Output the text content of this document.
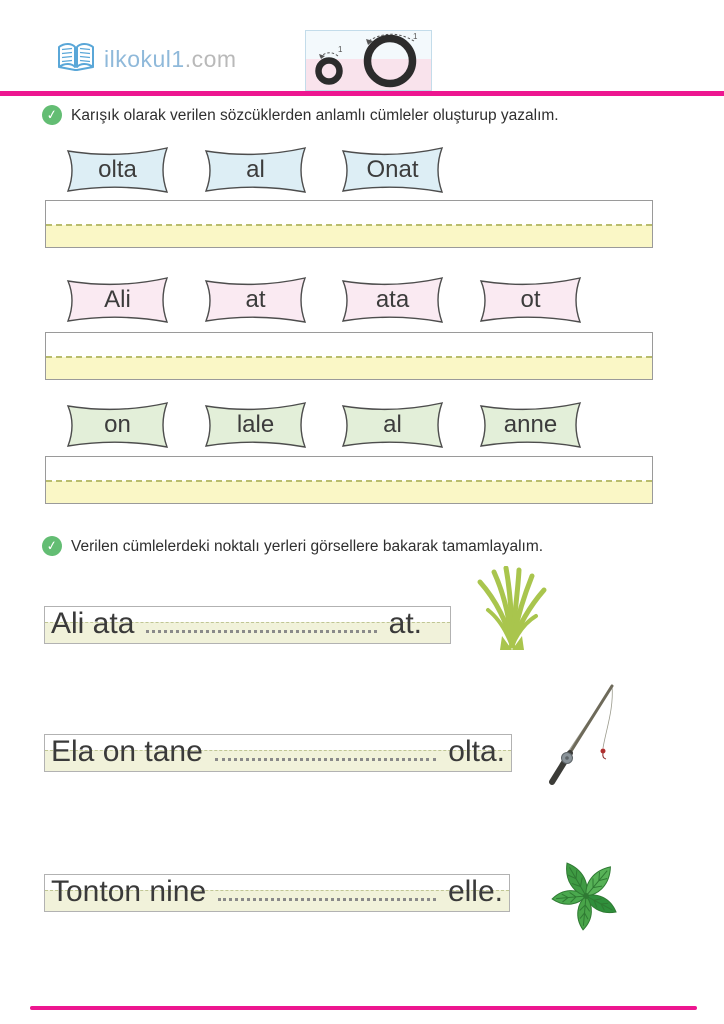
ilkokul1.com	1
1
✓ Karışık olarak verilen sözcüklerden anlamlı cümleler oluşturup yazalım.
olta	al	Onat
Ali	at	ata	ot
on	lale	al	anne
✓ Verilen cümlelerdeki noktalı yerleri görsellere bakarak tamamlayalım.
Ali ata	at.
Ela on tane	olta.
Tonton nine	elle.
